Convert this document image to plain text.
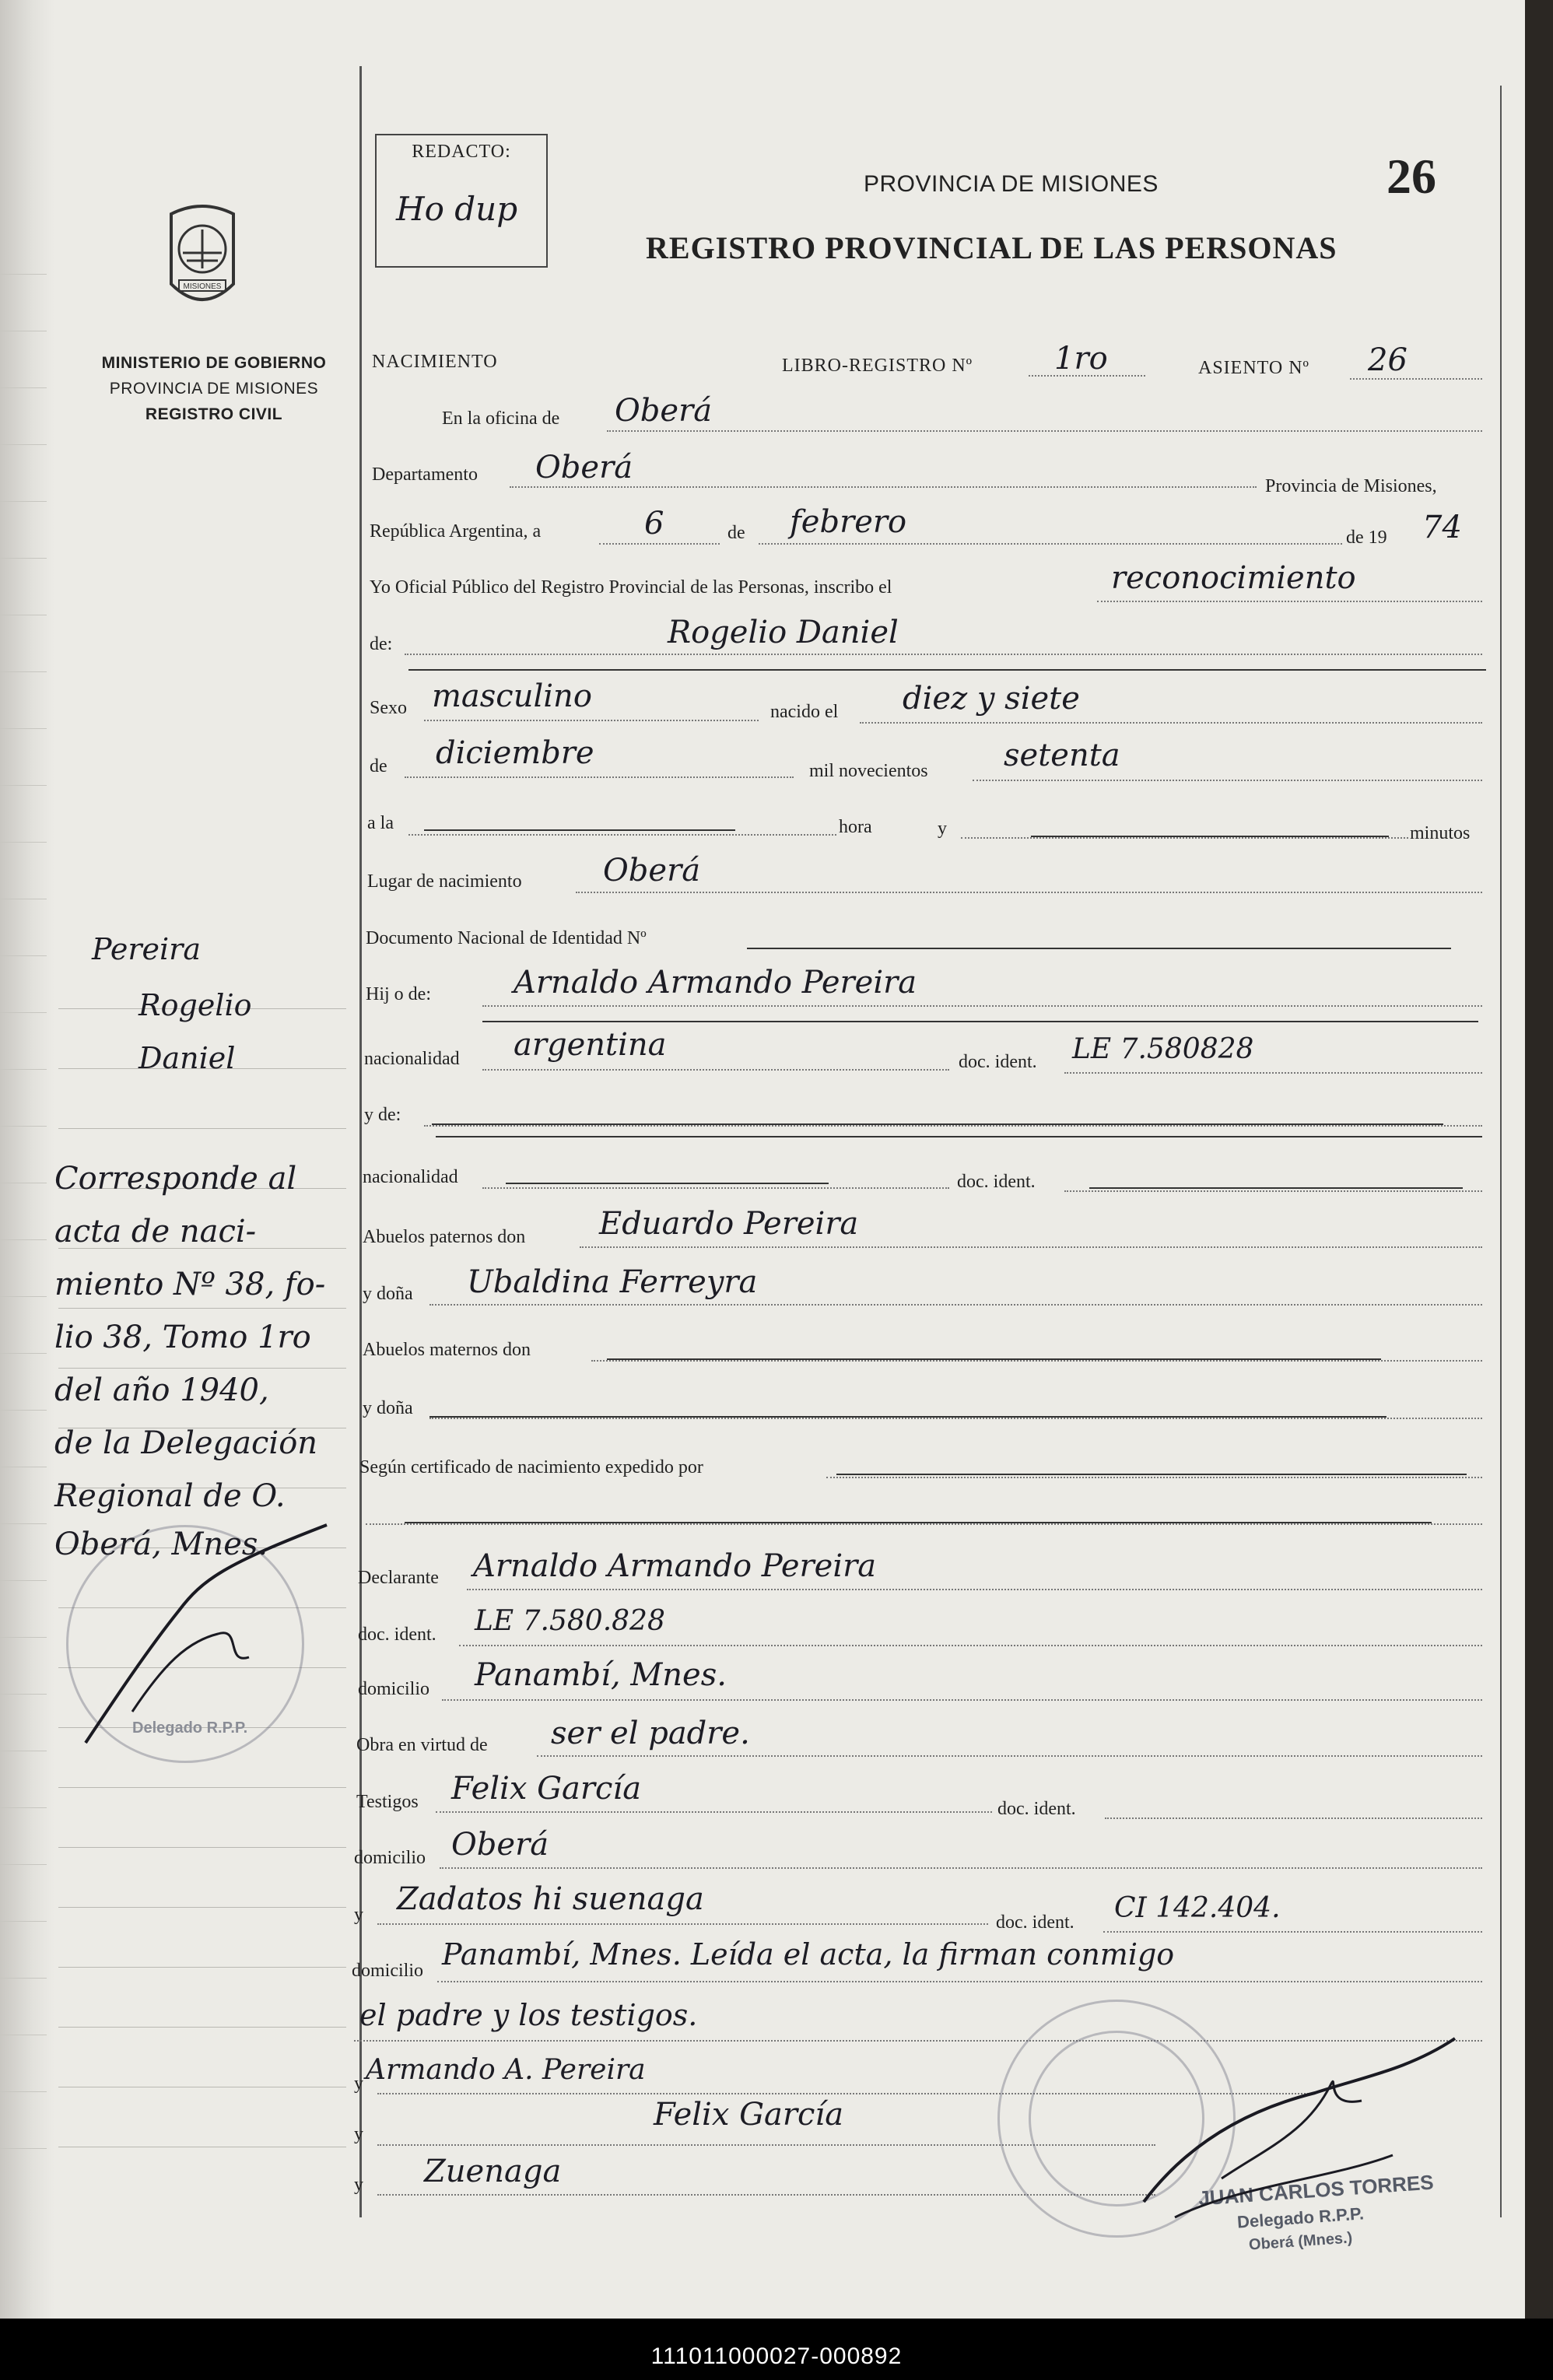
MISIONES
MINISTERIO DE GOBIERNO
PROVINCIA DE MISIONES
REGISTRO CIVIL
REDACTO:
Ho dup
PROVINCIA DE MISIONES	26
REGISTRO PROVINCIAL DE LAS PERSONAS
NACIMIENTO	LIBRO-REGISTRO Nº	1ro	ASIENTO Nº 26
En la oficina de Oberá
Departamento Oberá
Provincia de Misiones,
República Argentina, a	6	de febrero	de 19 74
Yo Oficial Público del Registro Provincial de las Personas, inscribo el	reconocimiento
de:	Rogelio Daniel
Sexo masculino	nacido el diez y siete
de diciembre	mil novecientos setenta
a la	hora	y	minutos
Lugar de nacimiento	Oberá
Documento Nacional de Identidad Nº
Hij o de:	Arnaldo Armando Pereira
nacionalidad argentina	doc. ident. LE 7.580828
y de:
nacionalidad	doc. ident.
Abuelos paternos don Eduardo Pereira
y doña Ubaldina Ferreyra
Abuelos maternos don
y doña
Según certificado de nacimiento expedido por
Declarante Arnaldo Armando Pereira
doc. ident. LE 7.580.828
domicilio Panambí, Mnes.
Obra en virtud de ser el padre.
Testigos Felix García
doc. ident.
domicilio Oberá
y Zadatos hi suenaga
doc. ident. CI 142.404.
domicilio Panambí, Mnes. Leída el acta, la firman conmigo
el padre y los testigos.
y Armando A. Pereira
y
Felix García
y Zuenaga	JUAN CARLOS TORRES
Delegado R.P.P.
Oberá (Mnes.)
Delegado R.P.P.
Pereira
Rogelio
Daniel
Corresponde al
acta de naci-
miento Nº 38, fo-
lio 38, Tomo 1ro
del año 1940,
de la Delegación
Regional de O.
Oberá, Mnes.
111011000027-000892
